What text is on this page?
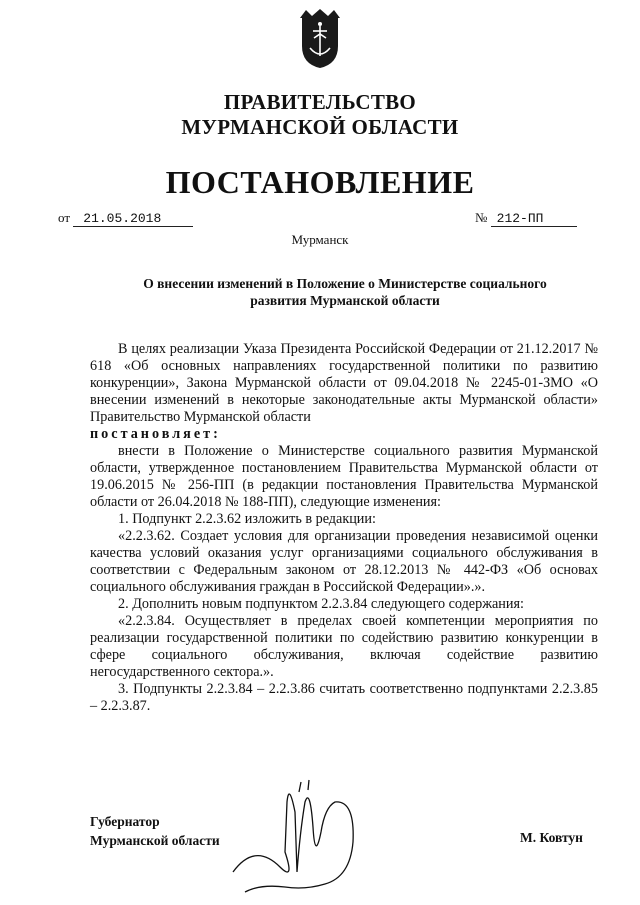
ПРАВИТЕЛЬСТВО
МУРМАНСКОЙ ОБЛАСТИ
ПОСТАНОВЛЕНИЕ
от 21.05.2018	№ 212-ПП
Мурманск
О внесении изменений в Положение о Министерстве социального
развития Мурманской области

В целях реализации Указа Президента Российской Федерации от 21.12.2017 № 618 «Об основных направлениях государственной политики по развитию конкуренции», Закона Мурманской области от 09.04.2018 № 2245-01-ЗМО «О внесении изменений в некоторые законодательные акты Мурманской области» Правительство Мурманской области

постановляет:

внести в Положение о Министерстве социального развития Мурманской области, утвержденное постановлением Правительства Мурманской области от 19.06.2015 № 256-ПП (в редакции постановления Правительства Мурманской области от 26.04.2018 № 188-ПП), следующие изменения:

1. Подпункт 2.2.3.62 изложить в редакции:

«2.2.3.62. Создает условия для организации проведения независимой оценки качества условий оказания услуг организациями социального обслуживания в соответствии с Федеральным законом от 28.12.2013 № 442-ФЗ «Об основах социального обслуживания граждан в Российской Федерации».».

2. Дополнить новым подпунктом 2.2.3.84 следующего содержания:

«2.2.3.84. Осуществляет в пределах своей компетенции мероприятия по реализации государственной политики по содействию развитию конкуренции в сфере социального обслуживания, включая содействие развитию негосударственного сектора.».

3. Подпункты 2.2.3.84 – 2.2.3.86 считать соответственно подпунктами 2.2.3.85 – 2.2.3.87.

Губернатор
Мурманской области	М. Ковтун
